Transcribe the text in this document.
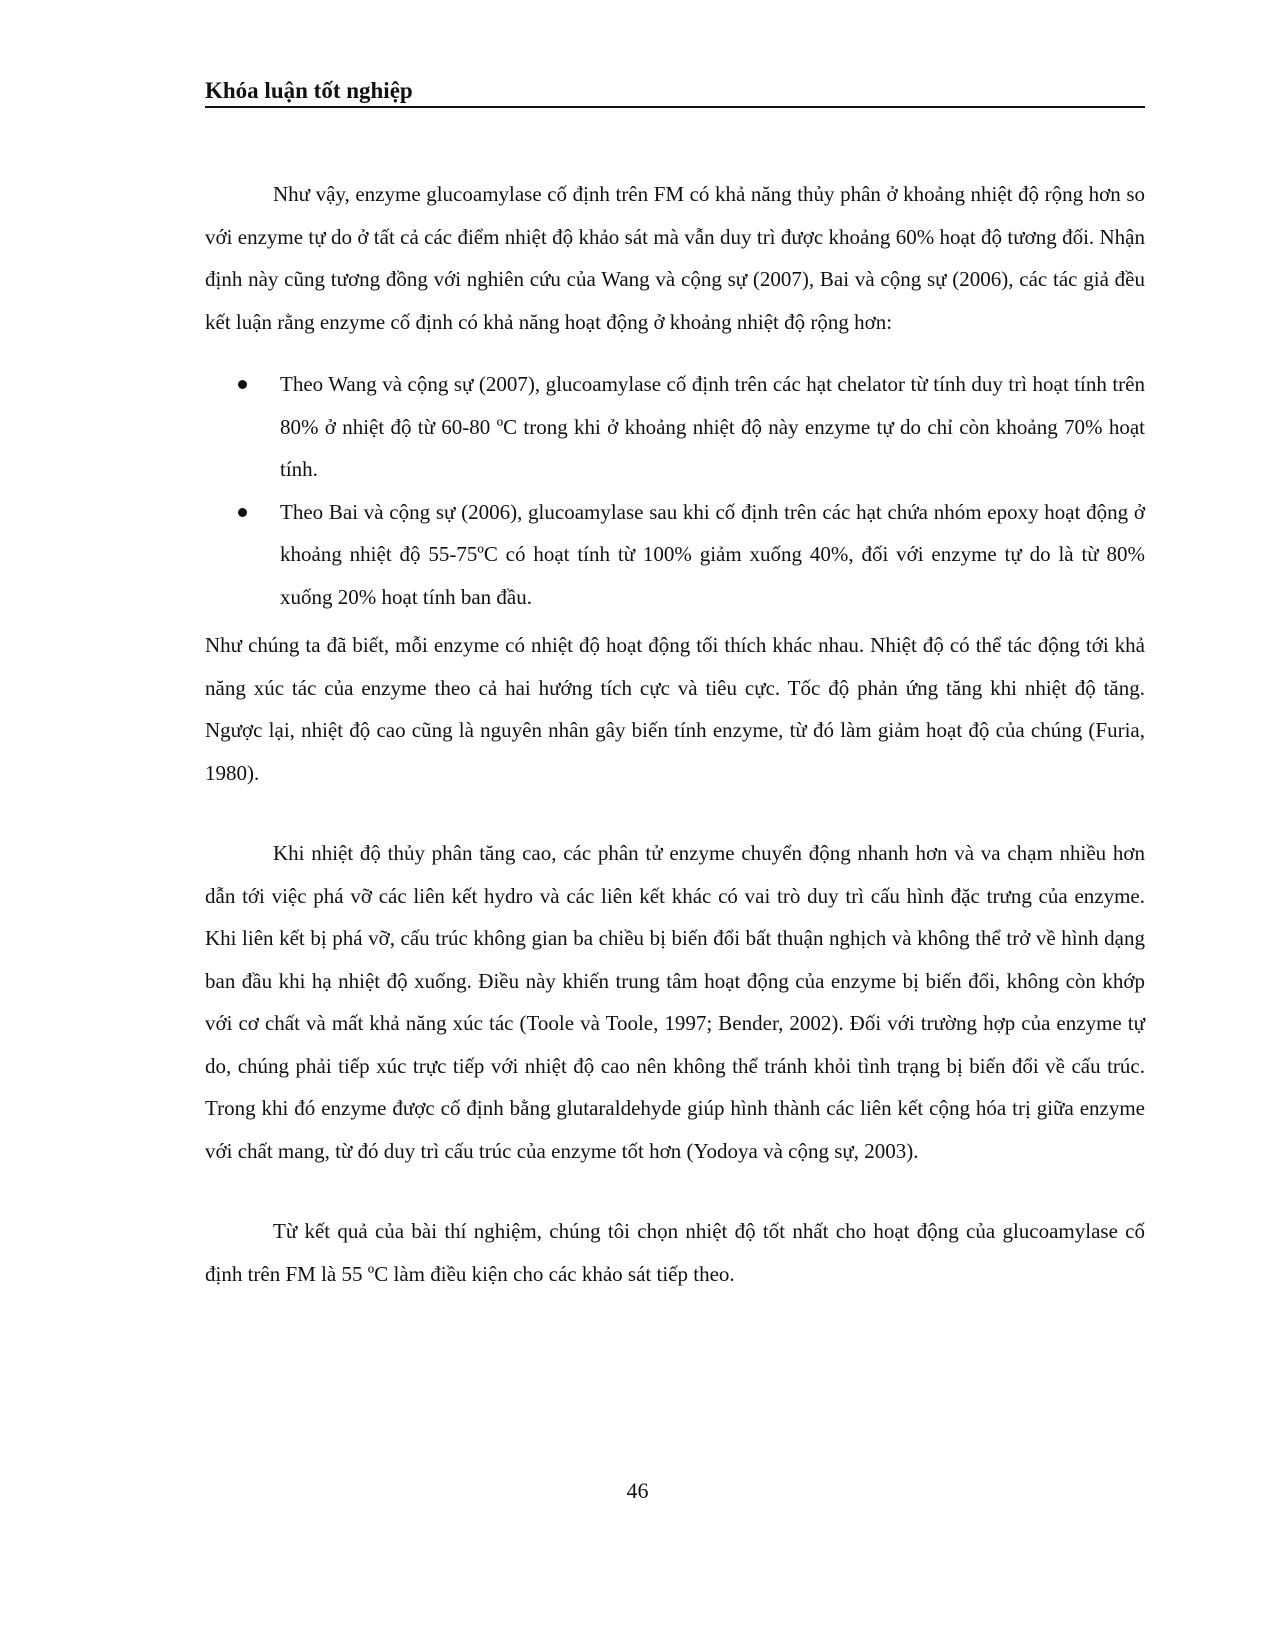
Khóa luận tốt nghiệp

Như vậy, enzyme glucoamylase cố định trên FM có khả năng thủy phân ở khoảng nhiệt độ rộng hơn so với enzyme tự do ở tất cả các điểm nhiệt độ khảo sát mà vẫn duy trì được khoảng 60% hoạt độ tương đối. Nhận định này cũng tương đồng với nghiên cứu của Wang và cộng sự (2007), Bai và cộng sự (2006), các tác giả đều kết luận rằng enzyme cố định có khả năng hoạt động ở khoảng nhiệt độ rộng hơn:

Theo Wang và cộng sự (2007), glucoamylase cố định trên các hạt chelator từ tính duy trì hoạt tính trên 80% ở nhiệt độ từ 60-80 ºC trong khi ở khoảng nhiệt độ này enzyme tự do chỉ còn khoảng 70% hoạt tính.
Theo Bai và cộng sự (2006), glucoamylase sau khi cố định trên các hạt chứa nhóm epoxy hoạt động ở khoảng nhiệt độ 55-75ºC có hoạt tính từ 100% giảm xuống 40%, đối với enzyme tự do là từ 80% xuống 20% hoạt tính ban đầu.

Như chúng ta đã biết, mỗi enzyme có nhiệt độ hoạt động tối thích khác nhau. Nhiệt độ có thể tác động tới khả năng xúc tác của enzyme theo cả hai hướng tích cực và tiêu cực. Tốc độ phản ứng tăng khi nhiệt độ tăng. Ngược lại, nhiệt độ cao cũng là nguyên nhân gây biến tính enzyme, từ đó làm giảm hoạt độ của chúng (Furia, 1980).

Khi nhiệt độ thủy phân tăng cao, các phân tử enzyme chuyển động nhanh hơn và va chạm nhiều hơn dẫn tới việc phá vỡ các liên kết hydro và các liên kết khác có vai trò duy trì cấu hình đặc trưng của enzyme. Khi liên kết bị phá vỡ, cấu trúc không gian ba chiều bị biến đổi bất thuận nghịch và không thể trở về hình dạng ban đầu khi hạ nhiệt độ xuống. Điều này khiến trung tâm hoạt động của enzyme bị biến đổi, không còn khớp với cơ chất và mất khả năng xúc tác (Toole và Toole, 1997; Bender, 2002). Đối với trường hợp của enzyme tự do, chúng phải tiếp xúc trực tiếp với nhiệt độ cao nên không thể tránh khỏi tình trạng bị biến đổi về cấu trúc. Trong khi đó enzyme được cố định bằng glutaraldehyde giúp hình thành các liên kết cộng hóa trị giữa enzyme với chất mang, từ đó duy trì cấu trúc của enzyme tốt hơn (Yodoya và cộng sự, 2003).

Từ kết quả của bài thí nghiệm, chúng tôi chọn nhiệt độ tốt nhất cho hoạt động của glucoamylase cố định trên FM là 55 ºC làm điều kiện cho các khảo sát tiếp theo.

46
